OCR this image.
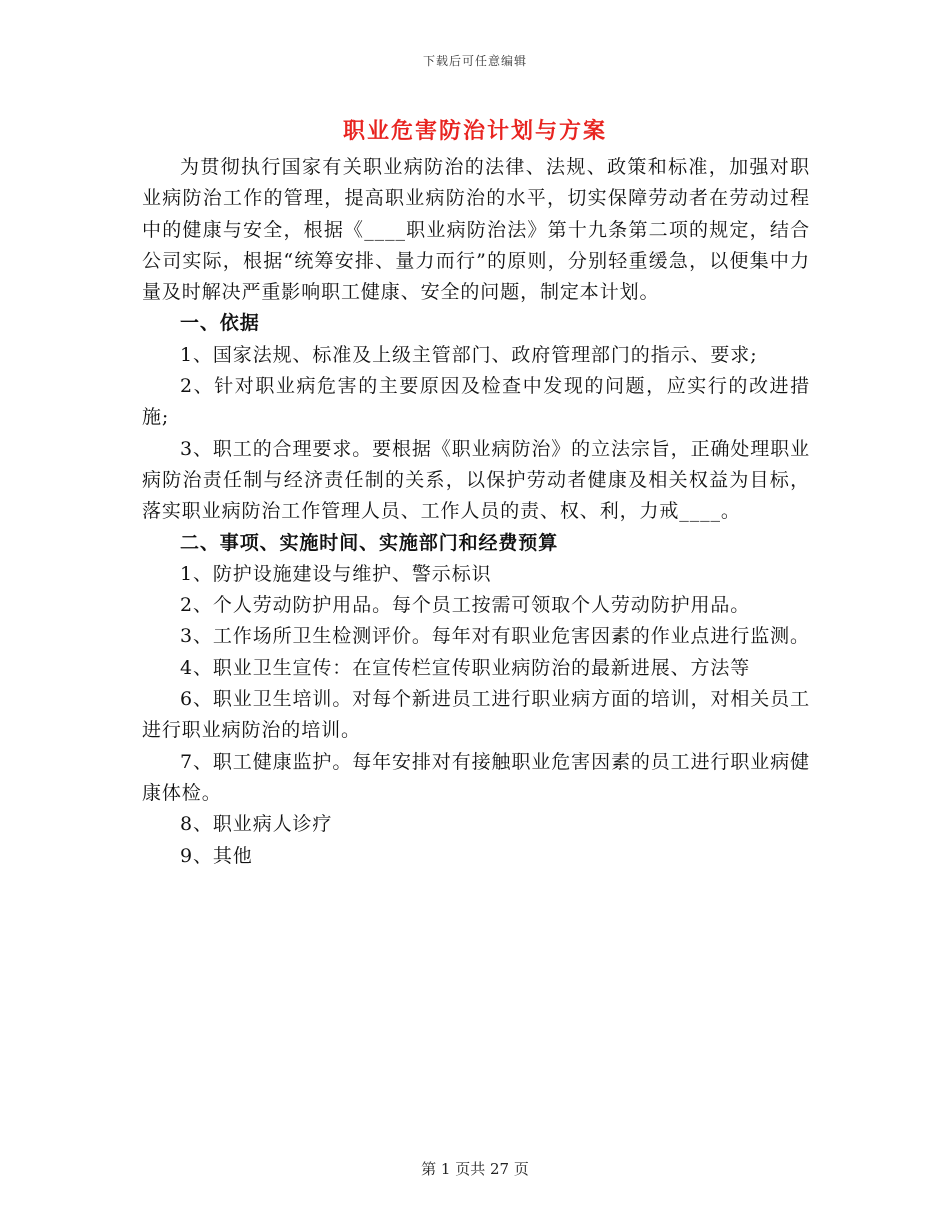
下载后可任意编辑
职业危害防治计划与方案

为贯彻执行国家有关职业病防治的法律、法规、政策和标准，加强对职业病防治工作的管理，提高职业病防治的水平，切实保障劳动者在劳动过程中的健康与安全，根据《____职业病防治法》第十九条第二项的规定，结合公司实际，根据“统筹安排、量力而行”的原则，分别轻重缓急，以便集中力量及时解决严重影响职工健康、安全的问题，制定本计划。

一、依据

1、国家法规、标准及上级主管部门、政府管理部门的指示、要求;

2、针对职业病危害的主要原因及检查中发现的问题，应实行的改进措施;

3、职工的合理要求。要根据《职业病防治》的立法宗旨，正确处理职业病防治责任制与经济责任制的关系，以保护劳动者健康及相关权益为目标，落实职业病防治工作管理人员、工作人员的责、权、利，力戒____。

二、事项、实施时间、实施部门和经费预算

1、防护设施建设与维护、警示标识

2、个人劳动防护用品。每个员工按需可领取个人劳动防护用品。

3、工作场所卫生检测评价。每年对有职业危害因素的作业点进行监测。

4、职业卫生宣传：在宣传栏宣传职业病防治的最新进展、方法等

6、职业卫生培训。对每个新进员工进行职业病方面的培训，对相关员工进行职业病防治的培训。

7、职工健康监护。每年安排对有接触职业危害因素的员工进行职业病健康体检。

8、职业病人诊疗

9、其他

第 1 页共 27 页
